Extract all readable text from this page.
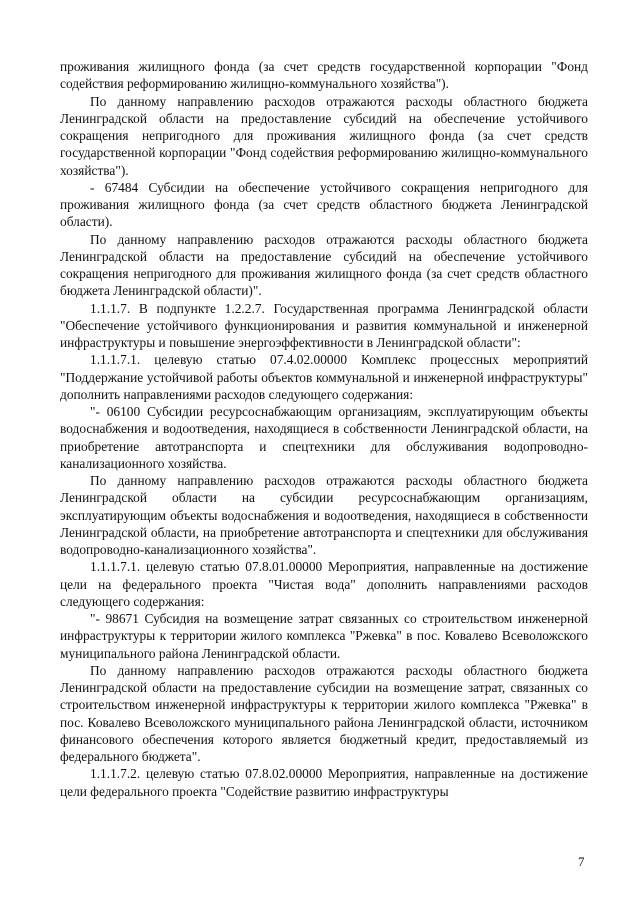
проживания жилищного фонда (за счет средств государственной корпорации "Фонд содействия реформированию жилищно-коммунального хозяйства").

По данному направлению расходов отражаются расходы областного бюджета Ленинградской области на предоставление субсидий на обеспечение устойчивого сокращения непригодного для проживания жилищного фонда (за счет средств государственной корпорации "Фонд содействия реформированию жилищно-коммунального хозяйства").

- 67484 Субсидии на обеспечение устойчивого сокращения непригодного для проживания жилищного фонда (за счет средств областного бюджета Ленинградской области).

По данному направлению расходов отражаются расходы областного бюджета Ленинградской области на предоставление субсидий на обеспечение устойчивого сокращения непригодного для проживания жилищного фонда (за счет средств областного бюджета Ленинградской области)".

1.1.1.7. В подпункте 1.2.2.7. Государственная программа Ленинградской области "Обеспечение устойчивого функционирования и развития коммунальной и инженерной инфраструктуры и повышение энергоэффективности в Ленинградской области":

1.1.1.7.1. целевую статью 07.4.02.00000 Комплекс процессных мероприятий "Поддержание устойчивой работы объектов коммунальной и инженерной инфраструктуры" дополнить направлениями расходов следующего содержания:

"- 06100 Субсидии ресурсоснабжающим организациям, эксплуатирующим объекты водоснабжения и водоотведения, находящиеся в собственности Ленинградской области, на приобретение автотранспорта и спецтехники для обслуживания водопроводно-канализационного хозяйства.

По данному направлению расходов отражаются расходы областного бюджета Ленинградской области на субсидии ресурсоснабжающим организациям, эксплуатирующим объекты водоснабжения и водоотведения, находящиеся в собственности Ленинградской области, на приобретение автотранспорта и спецтехники для обслуживания водопроводно-канализационного хозяйства".

1.1.1.7.1. целевую статью 07.8.01.00000 Мероприятия, направленные на достижение цели на федерального проекта "Чистая вода" дополнить направлениями расходов следующего содержания:

"- 98671 Субсидия на возмещение затрат связанных со строительством инженерной инфраструктуры к территории жилого комплекса "Ржевка" в пос. Ковалево Всеволожского муниципального района Ленинградской области.

По данному направлению расходов отражаются расходы областного бюджета Ленинградской области на предоставление субсидии на возмещение затрат, связанных со строительством инженерной инфраструктуры к территории жилого комплекса "Ржевка" в пос. Ковалево Всеволожского муниципального района Ленинградской области, источником финансового обеспечения которого является бюджетный кредит, предоставляемый из федерального бюджета".

1.1.1.7.2. целевую статью 07.8.02.00000 Мероприятия, направленные на достижение цели федерального проекта "Содействие развитию инфраструктуры

7
